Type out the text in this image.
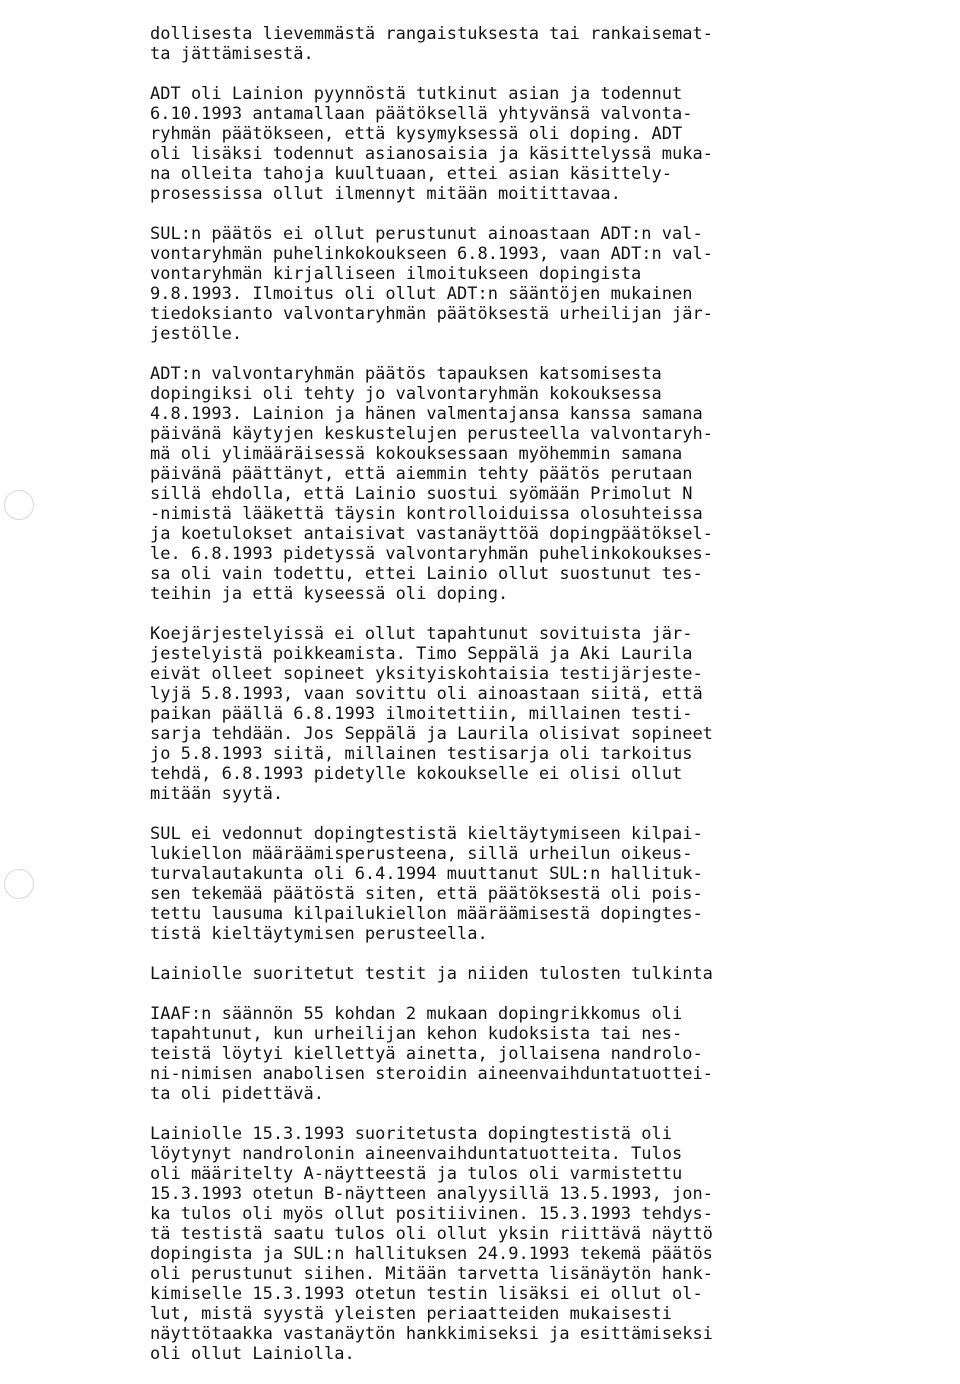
dollisesta lievemmästä rangaistuksesta tai rankaisemat-
ta jättämisestä.
ADT oli Lainion pyynnöstä tutkinut asian ja todennut
6.10.1993 antamallaan päätöksellä yhtyvänsä valvonta-
ryhmän päätökseen, että kysymyksessä oli doping. ADT
oli lisäksi todennut asianosaisia ja käsittelyssä muka-
na olleita tahoja kuultuaan, ettei asian käsittely-
prosessissa ollut ilmennyt mitään moitittavaa.
SUL:n päätös ei ollut perustunut ainoastaan ADT:n val-
vontaryhmän puhelinkokoukseen 6.8.1993, vaan ADT:n val-
vontaryhmän kirjalliseen ilmoitukseen dopingista
9.8.1993. Ilmoitus oli ollut ADT:n sääntöjen mukainen
tiedoksianto valvontaryhmän päätöksestä urheilijan jär-
jestölle.
ADT:n valvontaryhmän päätös tapauksen katsomisesta
dopingiksi oli tehty jo valvontaryhmän kokouksessa
4.8.1993. Lainion ja hänen valmentajansa kanssa samana
päivänä käytyjen keskustelujen perusteella valvontaryh-
mä oli ylimääräisessä kokouksessaan myöhemmin samana
päivänä päättänyt, että aiemmin tehty päätös perutaan
sillä ehdolla, että Lainio suostui syömään Primolut N
-nimistä lääkettä täysin kontrolloiduissa olosuhteissa
ja koetulokset antaisivat vastanäyttöä dopingpäätöksel-
le. 6.8.1993 pidetyssä valvontaryhmän puhelinkokoukses-
sa oli vain todettu, ettei Lainio ollut suostunut tes-
teihin ja että kyseessä oli doping.
Koejärjestelyissä ei ollut tapahtunut sovituista jär-
jestelyistä poikkeamista. Timo Seppälä ja Aki Laurila
eivät olleet sopineet yksityiskohtaisia testijärjeste-
lyjä 5.8.1993, vaan sovittu oli ainoastaan siitä, että
paikan päällä 6.8.1993 ilmoitettiin, millainen testi-
sarja tehdään. Jos Seppälä ja Laurila olisivat sopineet
jo 5.8.1993 siitä, millainen testisarja oli tarkoitus
tehdä, 6.8.1993 pidetylle kokoukselle ei olisi ollut
mitään syytä.
SUL ei vedonnut dopingtestistä kieltäytymiseen kilpai-
lukiellon määräämisperusteena, sillä urheilun oikeus-
turvalautakunta oli 6.4.1994 muuttanut SUL:n hallituk-
sen tekemää päätöstä siten, että päätöksestä oli pois-
tettu lausuma kilpailukiellon määräämisestä dopingtes-
tistä kieltäytymisen perusteella.
Lainiolle suoritetut testit ja niiden tulosten tulkinta
IAAF:n säännön 55 kohdan 2 mukaan dopingrikkomus oli
tapahtunut, kun urheilijan kehon kudoksista tai nes-
teistä löytyi kiellettyä ainetta, jollaisena nandrolo-
ni-nimisen anabolisen steroidin aineenvaihduntatuottei-
ta oli pidettävä.
Lainiolle 15.3.1993 suoritetusta dopingtestistä oli
löytynyt nandrolonin aineenvaihduntatuotteita. Tulos
oli määritelty A-näytteestä ja tulos oli varmistettu
15.3.1993 otetun B-näytteen analyysillä 13.5.1993, jon-
ka tulos oli myös ollut positiivinen. 15.3.1993 tehdys-
tä testistä saatu tulos oli ollut yksin riittävä näyttö
dopingista ja SUL:n hallituksen 24.9.1993 tekemä päätös
oli perustunut siihen. Mitään tarvetta lisänäytön hank-
kimiselle 15.3.1993 otetun testin lisäksi ei ollut ol-
lut, mistä syystä yleisten periaatteiden mukaisesti
näyttötaakka vastanäytön hankkimiseksi ja esittämiseksi
oli ollut Lainiolla.
